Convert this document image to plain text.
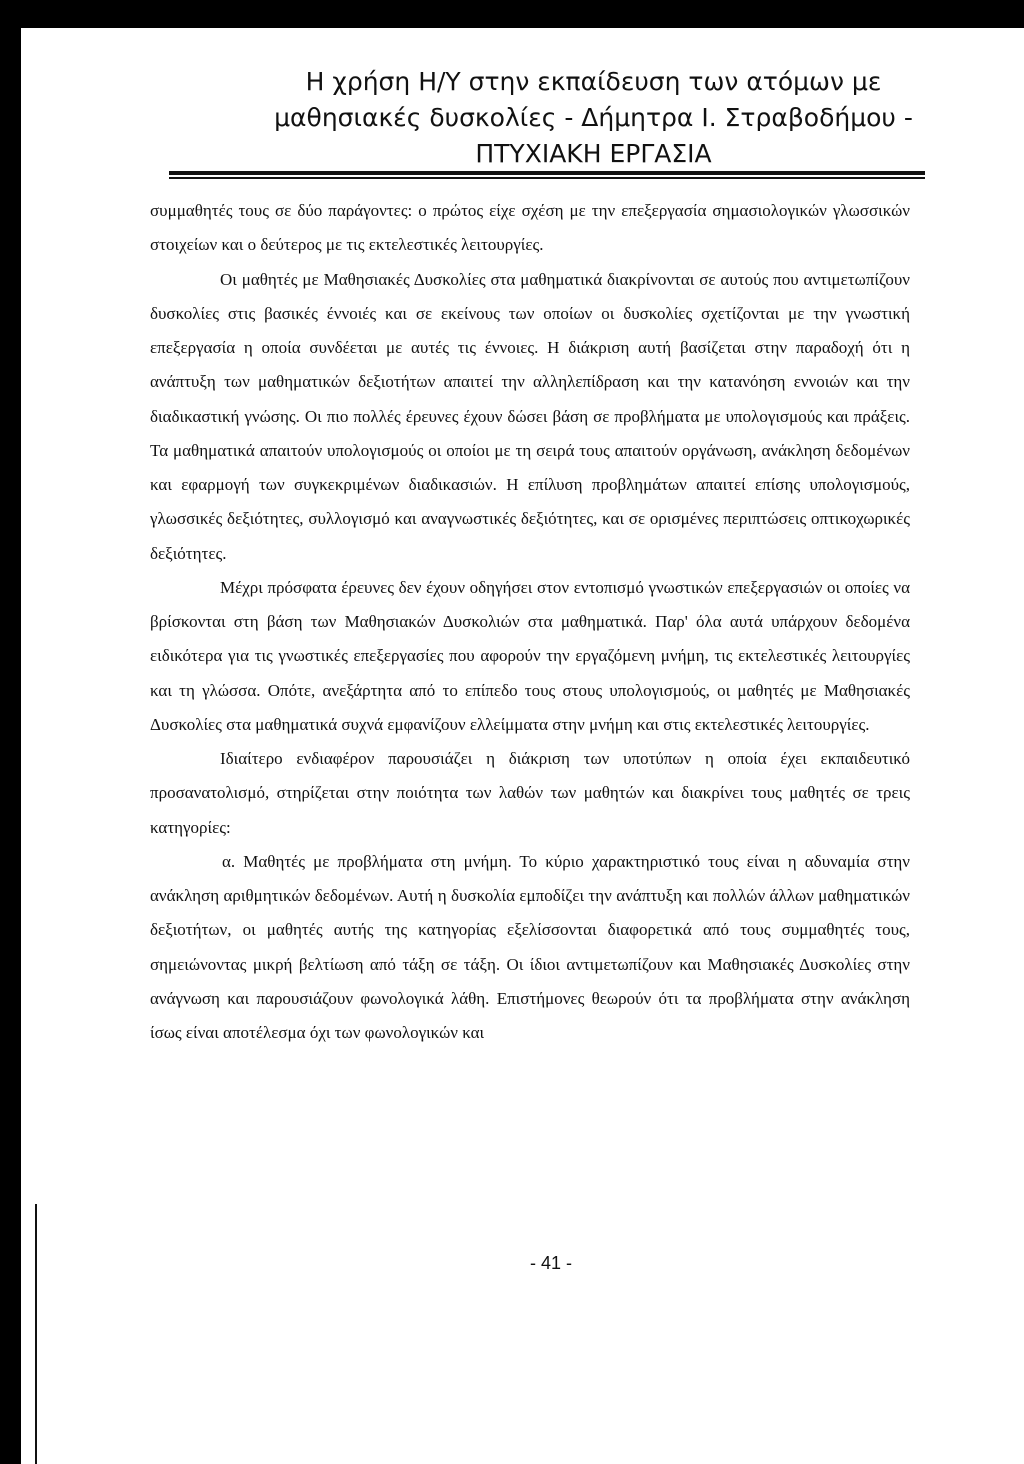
Η χρήση Η/Υ στην εκπαίδευση των ατόμων με
μαθησιακές δυσκολίες - Δήμητρα Ι. Στραβοδήμου -
ΠΤΥΧΙΑΚΗ ΕΡΓΑΣΙΑ

συμμαθητές τους σε δύο παράγοντες: ο πρώτος είχε σχέση με την επεξεργασία σημασιολογικών γλωσσικών στοιχείων και ο δεύτερος με τις εκτελεστικές λειτουργίες.

Οι μαθητές με Μαθησιακές Δυσκολίες στα μαθηματικά διακρίνονται σε αυτούς που αντιμετωπίζουν δυσκολίες στις βασικές έννοιές και σε εκείνους των οποίων οι δυσκολίες σχετίζονται με την γνωστική επεξεργασία η οποία συνδέεται με αυτές τις έννοιες. Η διάκριση αυτή βασίζεται στην παραδοχή ότι η ανάπτυξη των μαθηματικών δεξιοτήτων απαιτεί την αλληλεπίδραση και την κατανόηση εννοιών και την διαδικαστική γνώσης. Οι πιο πολλές έρευνες έχουν δώσει βάση σε προβλήματα με υπολογισμούς και πράξεις. Τα μαθηματικά απαιτούν υπολογισμούς οι οποίοι με τη σειρά τους απαιτούν οργάνωση, ανάκληση δεδομένων και εφαρμογή των συγκεκριμένων διαδικασιών. Η επίλυση προβλημάτων απαιτεί επίσης υπολογισμούς, γλωσσικές δεξιότητες, συλλογισμό και αναγνωστικές δεξιότητες, και σε ορισμένες περιπτώσεις οπτικοχωρικές δεξιότητες.

Μέχρι πρόσφατα έρευνες δεν έχουν οδηγήσει στον εντοπισμό γνωστικών επεξεργασιών οι οποίες να βρίσκονται στη βάση των Μαθησιακών Δυσκολιών στα μαθηματικά. Παρ' όλα αυτά υπάρχουν δεδομένα ειδικότερα για τις γνωστικές επεξεργασίες που αφορούν την εργαζόμενη μνήμη, τις εκτελεστικές λειτουργίες και τη γλώσσα. Οπότε, ανεξάρτητα από το επίπεδο τους στους υπολογισμούς, οι μαθητές με Μαθησιακές Δυσκολίες στα μαθηματικά συχνά εμφανίζουν ελλείμματα στην μνήμη και στις εκτελεστικές λειτουργίες.

Ιδιαίτερο ενδιαφέρον παρουσιάζει η διάκριση των υποτύπων η οποία έχει εκπαιδευτικό προσανατολισμό, στηρίζεται στην ποιότητα των λαθών των μαθητών και διακρίνει τους μαθητές σε τρεις κατηγορίες:

α. Μαθητές με προβλήματα στη μνήμη. Το κύριο χαρακτηριστικό τους είναι η αδυναμία στην ανάκληση αριθμητικών δεδομένων. Αυτή η δυσκολία εμποδίζει την ανάπτυξη και πολλών άλλων μαθηματικών δεξιοτήτων, οι μαθητές αυτής της κατηγορίας εξελίσσονται διαφορετικά από τους συμμαθητές τους, σημειώνοντας μικρή βελτίωση από τάξη σε τάξη. Οι ίδιοι αντιμετωπίζουν και Μαθησιακές Δυσκολίες στην ανάγνωση και παρουσιάζουν φωνολογικά λάθη. Επιστήμονες θεωρούν ότι τα προβλήματα στην ανάκληση ίσως είναι αποτέλεσμα όχι των φωνολογικών και

- 41 -
